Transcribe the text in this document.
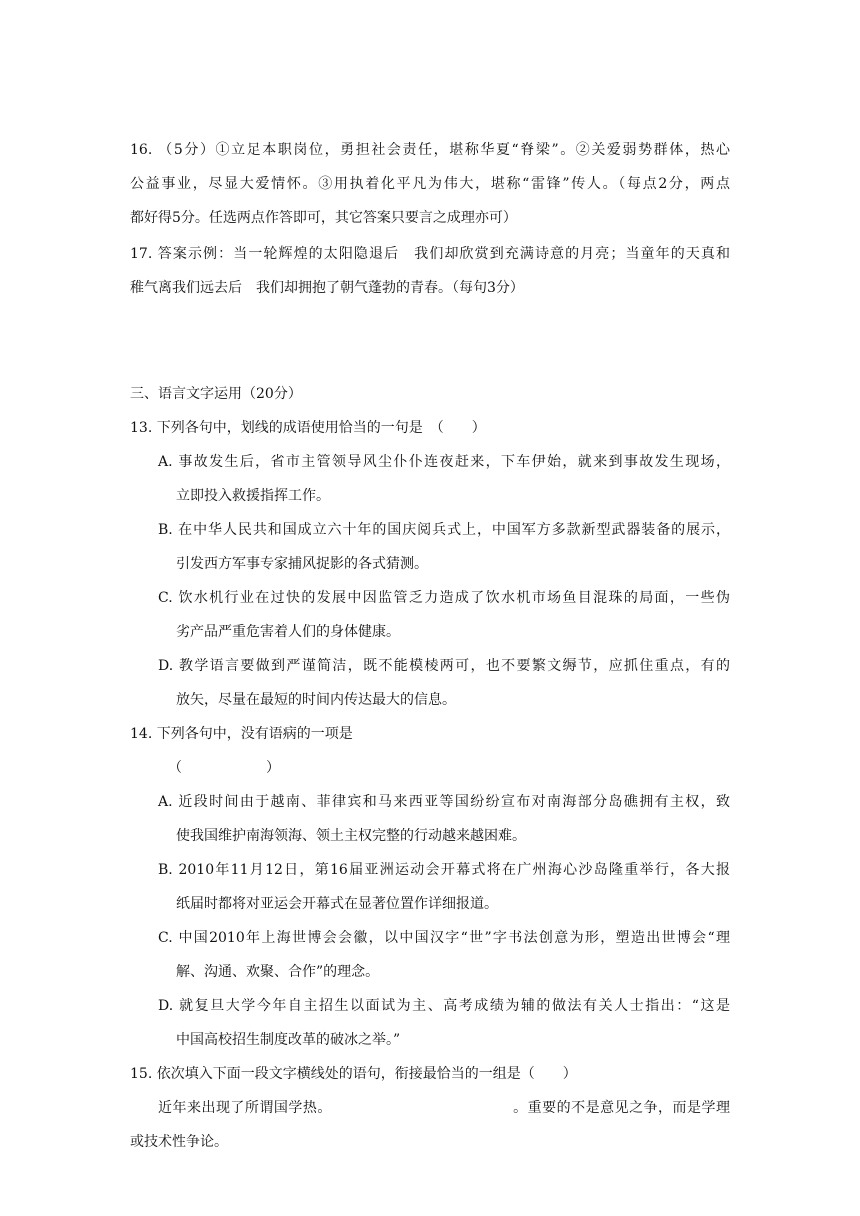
16. （5分）①立足本职岗位，勇担社会责任，堪称华夏“脊梁”。②关爱弱势群体，热心
公益事业，尽显大爱情怀。③用执着化平凡为伟大，堪称“雷锋”传人。（每点2分，两点
都好得5分。任选两点作答即可，其它答案只要言之成理亦可）
17. 答案示例：当一轮辉煌的太阳隐退后　我们却欣赏到充满诗意的月亮；当童年的天真和
稚气离我们远去后　我们却拥抱了朝气蓬勃的青春。（每句3分）
三、语言文字运用（20分）
13. 下列各句中，划线的成语使用恰当的一句是　（　　）
A. 事故发生后，省市主管领导风尘仆仆连夜赶来，下车伊始，就来到事故发生现场，
立即投入救援指挥工作。
B. 在中华人民共和国成立六十年的国庆阅兵式上，中国军方多款新型武器装备的展示，
引发西方军事专家捕风捉影的各式猜测。
C. 饮水机行业在过快的发展中因监管乏力造成了饮水机市场鱼目混珠的局面，一些伪
劣产品严重危害着人们的身体健康。
D. 教学语言要做到严谨简洁，既不能模棱两可，也不要繁文缛节，应抓住重点，有的
放矢，尽量在最短的时间内传达最大的信息。
14. 下列各句中，没有语病的一项是
（　　　　　　）
A. 近段时间由于越南、菲律宾和马来西亚等国纷纷宣布对南海部分岛礁拥有主权，致
使我国维护南海领海、领土主权完整的行动越来越困难。
B. 2010年11月12日，第16届亚洲运动会开幕式将在广州海心沙岛隆重举行，各大报
纸届时都将对亚运会开幕式在显著位置作详细报道。
C. 中国2010年上海世博会会徽，以中国汉字“世”字书法创意为形，塑造出世博会“理
解、沟通、欢聚、合作”的理念。
D. 就复旦大学今年自主招生以面试为主、高考成绩为辅的做法有关人士指出：“这是
中国高校招生制度改革的破冰之举。”
15. 依次填入下面一段文字横线处的语句，衔接最恰当的一组是（　　）
近年来出现了所谓国学热。　　　　　　　　　　　　　。重要的不是意见之争，而是学理
或技术性争论。
